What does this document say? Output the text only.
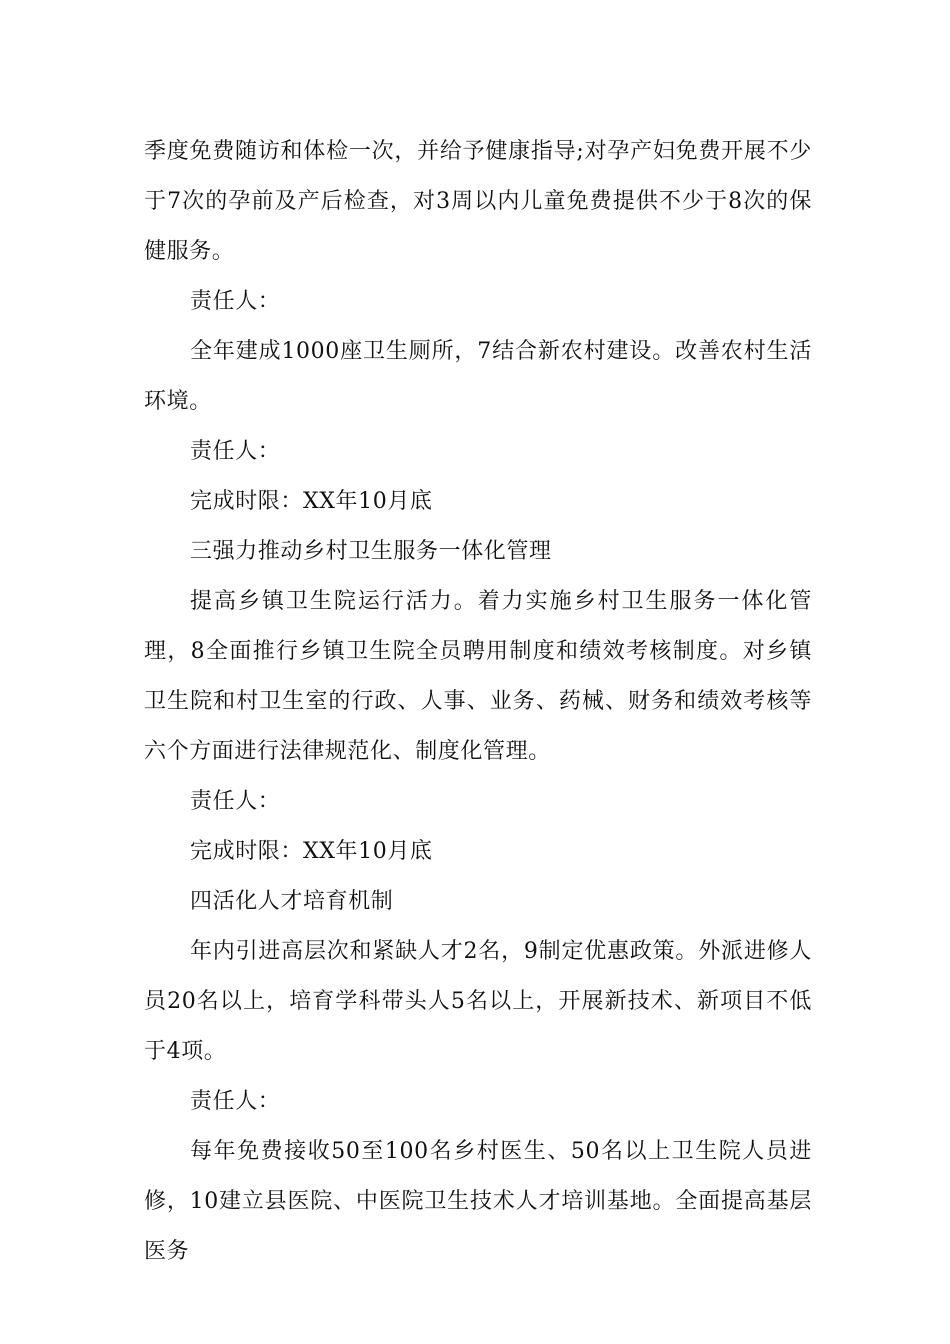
季度免费随访和体检一次，并给予健康指导;对孕产妇免费开展不少于7次的孕前及产后检查，对3周以内儿童免费提供不少于8次的保健服务。

责任人：

全年建成1000座卫生厕所，7结合新农村建设。改善农村生活环境。

责任人：

完成时限：XX年10月底

三强力推动乡村卫生服务一体化管理

提高乡镇卫生院运行活力。着力实施乡村卫生服务一体化管理，8全面推行乡镇卫生院全员聘用制度和绩效考核制度。对乡镇卫生院和村卫生室的行政、人事、业务、药械、财务和绩效考核等六个方面进行法律规范化、制度化管理。

责任人：

完成时限：XX年10月底

四活化人才培育机制

年内引进高层次和紧缺人才2名，9制定优惠政策。外派进修人员20名以上，培育学科带头人5名以上，开展新技术、新项目不低于4项。

责任人：

每年免费接收50至100名乡村医生、50名以上卫生院人员进修，10建立县医院、中医院卫生技术人才培训基地。全面提高基层医务
